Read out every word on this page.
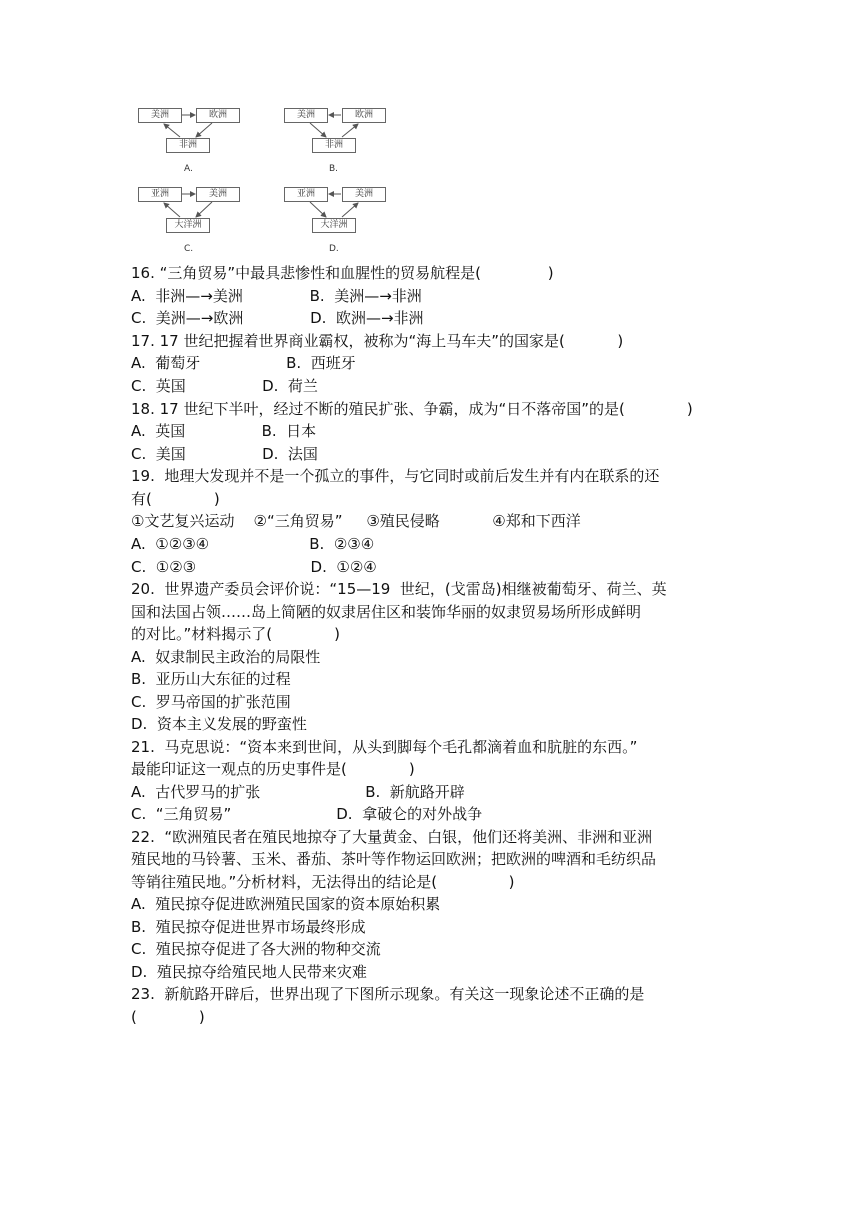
美洲	欧洲
非洲
A.
美洲	欧洲
非洲
B.
亚洲	美洲
大洋洲
C.
亚洲	美洲
大洋洲
D.
16. “三角贸易”中最具悲惨性和血腥性的贸易航程是(              )
A.  非洲—→美洲              B.  美洲—→非洲
C.  美洲—→欧洲              D.  欧洲—→非洲
17. 17 世纪把握着世界商业霸权，被称为“海上马车夫”的国家是(           )
A.  葡萄牙                  B.  西班牙
C.  英国                D.  荷兰
18. 17 世纪下半叶，经过不断的殖民扩张、争霸，成为“日不落帝国”的是(             )
A.  英国                B.  日本
C.  美国                D.  法国
19.  地理大发现并不是一个孤立的事件，与它同时或前后发生并有内在联系的还
有(             )
①文艺复兴运动    ②“三角贸易”     ③殖民侵略           ④郑和下西洋
A.  ①②③④                     B.  ②③④
C.  ①②③                        D.  ①②④
20.  世界遗产委员会评价说：“15—19  世纪，(戈雷岛)相继被葡萄牙、荷兰、英
国和法国占领……岛上简陋的奴隶居住区和装饰华丽的奴隶贸易场所形成鲜明
的对比。”材料揭示了(             )
A.  奴隶制民主政治的局限性
B.  亚历山大东征的过程
C.  罗马帝国的扩张范围
D.  资本主义发展的野蛮性
21.  马克思说：“资本来到世间，从头到脚每个毛孔都滴着血和肮脏的东西。”
最能印证这一观点的历史事件是(             )
A.  古代罗马的扩张                      B.  新航路开辟
C.  “三角贸易”                      D.  拿破仑的对外战争
22.  “欧洲殖民者在殖民地掠夺了大量黄金、白银，他们还将美洲、非洲和亚洲
殖民地的马铃薯、玉米、番茄、茶叶等作物运回欧洲；把欧洲的啤酒和毛纺织品
等销往殖民地。”分析材料，无法得出的结论是(               )
A.  殖民掠夺促进欧洲殖民国家的资本原始积累
B.  殖民掠夺促进世界市场最终形成
C.  殖民掠夺促进了各大洲的物种交流
D.  殖民掠夺给殖民地人民带来灾难
23.  新航路开辟后，世界出现了下图所示现象。有关这一现象论述不正确的是
(             )
